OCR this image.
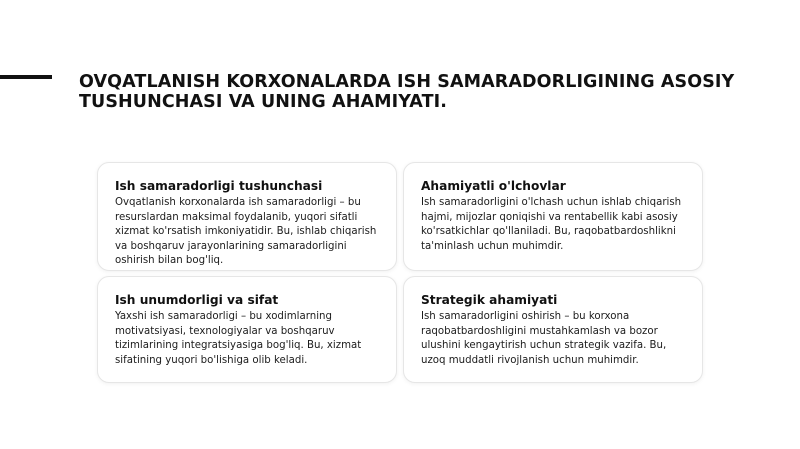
OVQATLANISH KORXONALARDA ISH SAMARADORLIGINING ASOSIY TUSHUNCHASI VA UNING AHAMIYATI.
Ish samaradorligi tushunchasi

Ovqatlanish korxonalarda ish samaradorligi – bu resurslardan maksimal foydalanib, yuqori sifatli xizmat ko'rsatish imkoniyatidir. Bu, ishlab chiqarish va boshqaruv jarayonlarining samaradorligini oshirish bilan bog'liq.

Ahamiyatli o'lchovlar

Ish samaradorligini o'lchash uchun ishlab chiqarish hajmi, mijozlar qoniqishi va rentabellik kabi asosiy ko'rsatkichlar qo'llaniladi. Bu, raqobatbardoshlikni ta'minlash uchun muhimdir.

Ish unumdorligi va sifat

Yaxshi ish samaradorligi – bu xodimlarning motivatsiyasi, texnologiyalar va boshqaruv tizimlarining integratsiyasiga bog'liq. Bu, xizmat sifatining yuqori bo'lishiga olib keladi.

Strategik ahamiyati

Ish samaradorligini oshirish – bu korxona raqobatbardoshligini mustahkamlash va bozor ulushini kengaytirish uchun strategik vazifa. Bu, uzoq muddatli rivojlanish uchun muhimdir.
